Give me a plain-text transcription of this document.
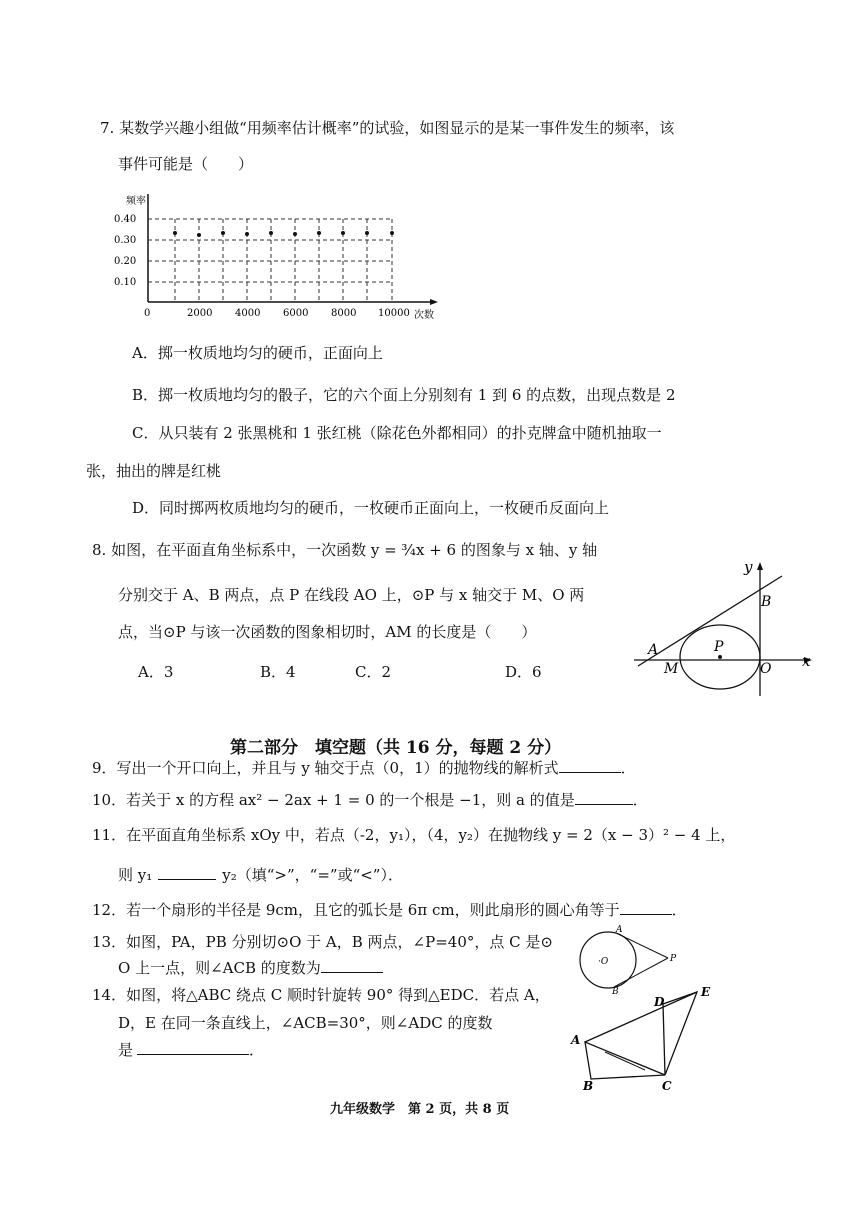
7. 某数学兴趣小组做“用频率估计概率”的试验，如图显示的是某一事件发生的频率，该
事件可能是（　　）
频率
0.40
0.30
0.20
0.10
0	2000 4000 6000 8000 10000 次数
A．掷一枚质地均匀的硬币，正面向上
B．掷一枚质地均匀的骰子，它的六个面上分别刻有 1 到 6 的点数，出现点数是 2
C．从只装有 2 张黑桃和 1 张红桃（除花色外都相同）的扑克牌盒中随机抽取一
张，抽出的牌是红桃
D．同时掷两枚质地均匀的硬币，一枚硬币正面向上，一枚硬币反面向上
8. 如图，在平面直角坐标系中，一次函数 y = ¾x + 6 的图象与 x 轴、y 轴
分别交于 A、B 两点，点 P 在线段 AO 上，⊙P 与 x 轴交于 M、O 两
点，当⊙P 与该一次函数的图象相切时，AM 的长度是（　　）
A．3	B．4	C．2	D．6
y
x
B
A
M
P
O
第二部分　填空题（共 16 分，每题 2 分）
9．写出一个开口向上，并且与 y 轴交于点（0，1）的抛物线的解析式	．
10．若关于 x 的方程 ax² − 2ax + 1 = 0 的一个根是 −1，则 a 的值是	．
11．在平面直角坐标系 xOy 中，若点（-2，y₁），（4，y₂）在抛物线 y = 2（x − 3）² − 4 上，
则 y₁	y₂（填“>”，“=”或“<”）．
12．若一个扇形的半径是 9cm，且它的弧长是 6π cm，则此扇形的圆心角等于	．
13．如图，PA，PB 分别切⊙O 于 A，B 两点，∠P=40°，点 C 是⊙
O 上一点，则∠ACB 的度数为
A
B
·O	P
14．如图，将△ABC 绕点 C 顺时针旋转 90° 得到△EDC．若点 A，
D，E 在同一条直线上，∠ACB=30°，则∠ADC 的度数
是	．
A
B	C
D
E
九年级数学　第 2 页，共 8 页
